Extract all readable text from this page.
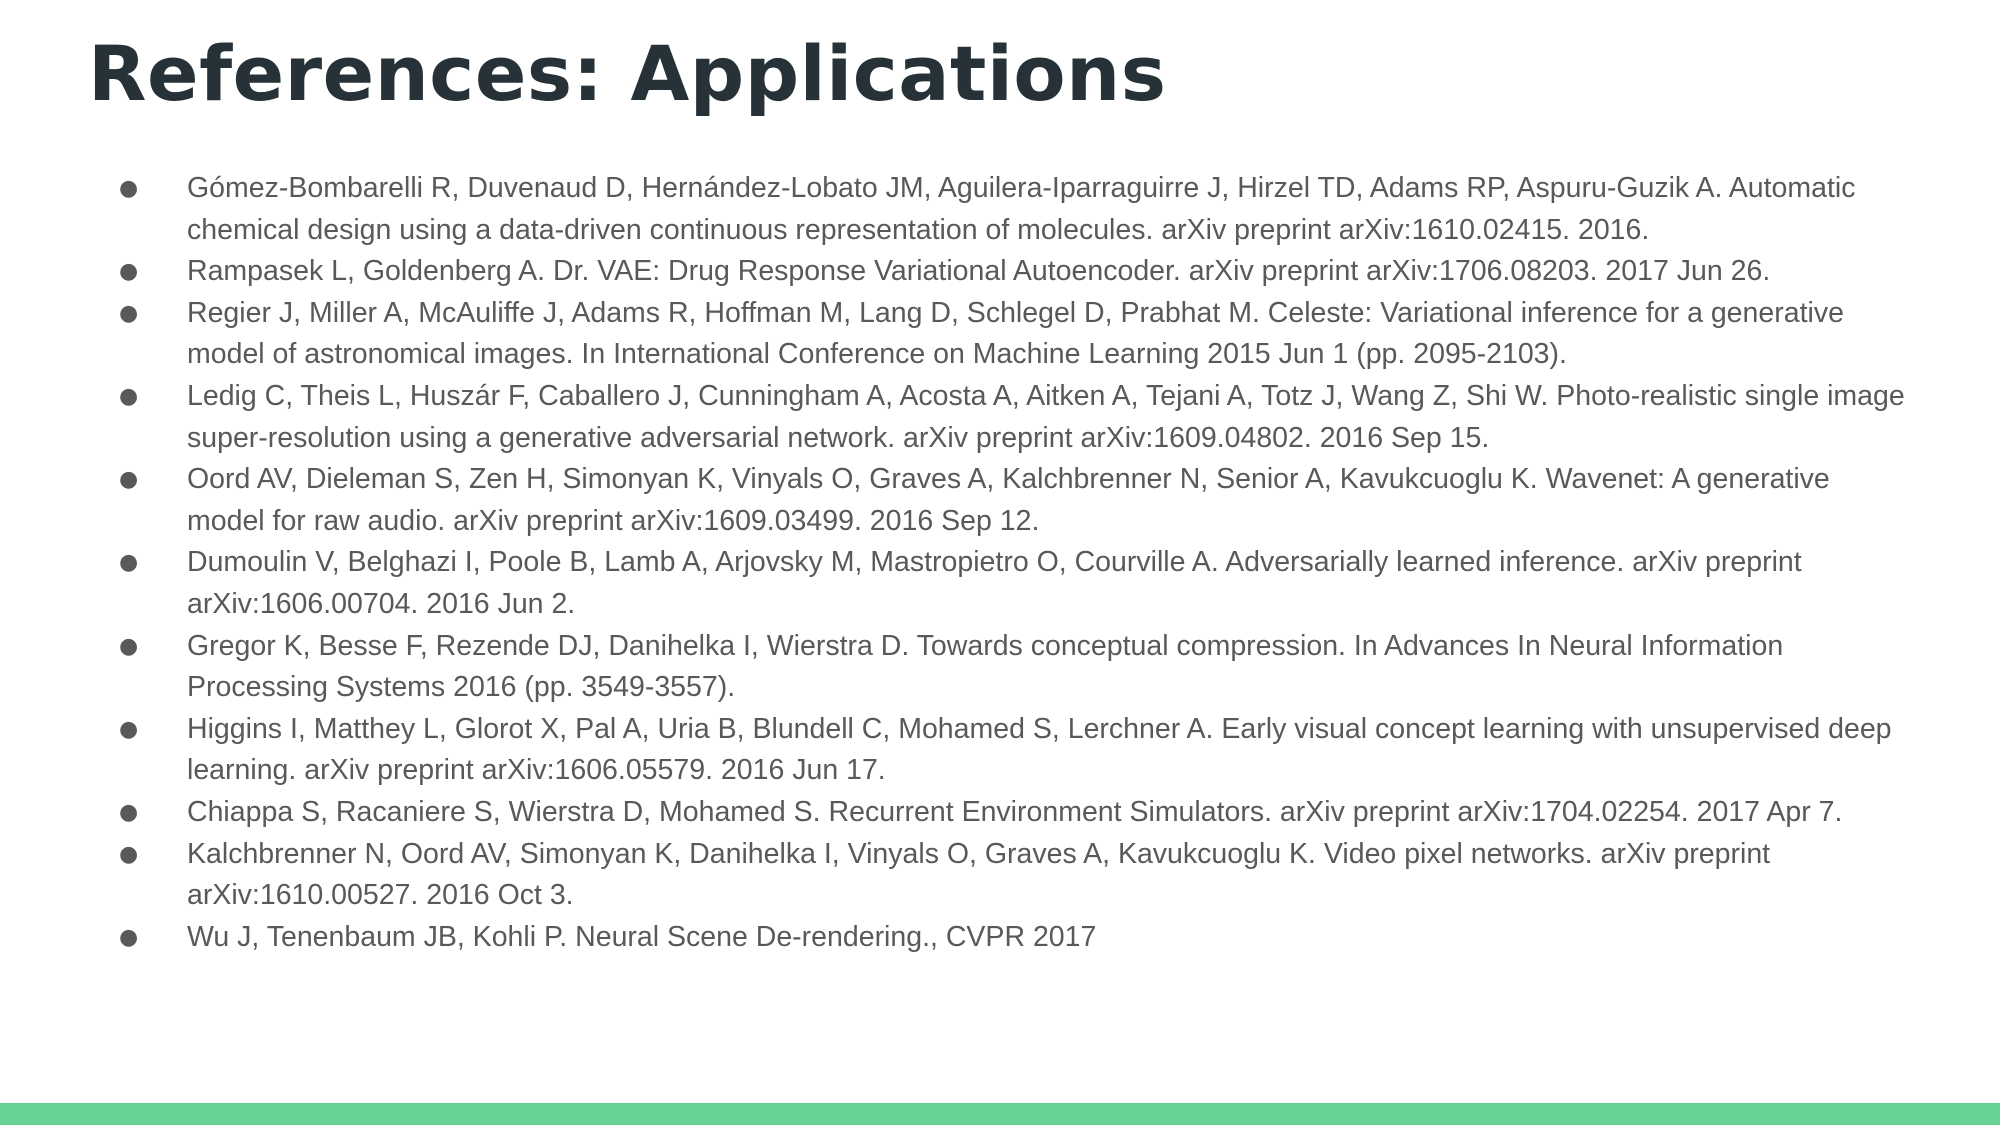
References: Applications
● Gómez-Bombarelli R, Duvenaud D, Hernández-Lobato JM, Aguilera-Iparraguirre J, Hirzel TD, Adams RP, Aspuru-Guzik A. Automatic chemical design using a data-driven continuous representation of molecules. arXiv preprint arXiv:1610.02415. 2016.
● Rampasek L, Goldenberg A. Dr. VAE: Drug Response Variational Autoencoder. arXiv preprint arXiv:1706.08203. 2017 Jun 26.
● Regier J, Miller A, McAuliffe J, Adams R, Hoffman M, Lang D, Schlegel D, Prabhat M. Celeste: Variational inference for a generative model of astronomical images. In International Conference on Machine Learning 2015 Jun 1 (pp. 2095-2103).
● Ledig C, Theis L, Huszár F, Caballero J, Cunningham A, Acosta A, Aitken A, Tejani A, Totz J, Wang Z, Shi W. Photo-realistic single image super-resolution using a generative adversarial network. arXiv preprint arXiv:1609.04802. 2016 Sep 15.
● Oord AV, Dieleman S, Zen H, Simonyan K, Vinyals O, Graves A, Kalchbrenner N, Senior A, Kavukcuoglu K. Wavenet: A generative model for raw audio. arXiv preprint arXiv:1609.03499. 2016 Sep 12.
● Dumoulin V, Belghazi I, Poole B, Lamb A, Arjovsky M, Mastropietro O, Courville A. Adversarially learned inference. arXiv preprint arXiv:1606.00704. 2016 Jun 2.
● Gregor K, Besse F, Rezende DJ, Danihelka I, Wierstra D. Towards conceptual compression. In Advances In Neural Information Processing Systems 2016 (pp. 3549-3557).
● Higgins I, Matthey L, Glorot X, Pal A, Uria B, Blundell C, Mohamed S, Lerchner A. Early visual concept learning with unsupervised deep learning. arXiv preprint arXiv:1606.05579. 2016 Jun 17.
● Chiappa S, Racaniere S, Wierstra D, Mohamed S. Recurrent Environment Simulators. arXiv preprint arXiv:1704.02254. 2017 Apr 7.
● Kalchbrenner N, Oord AV, Simonyan K, Danihelka I, Vinyals O, Graves A, Kavukcuoglu K. Video pixel networks. arXiv preprint arXiv:1610.00527. 2016 Oct 3.
● Wu J, Tenenbaum JB, Kohli P. Neural Scene De-rendering., CVPR 2017
